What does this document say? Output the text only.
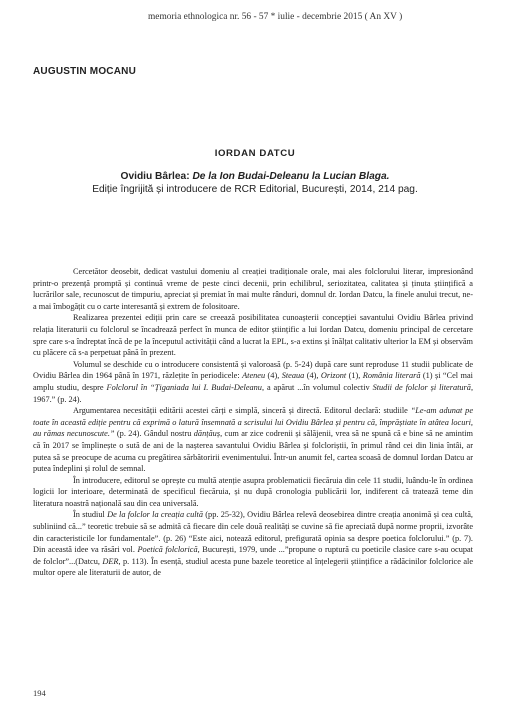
memoria ethnologica nr. 56 - 57 * iulie - decembrie 2015 ( An XV )
AUGUSTIN MOCANU
IORDAN DATCU
Ovidiu Bârlea: De la Ion Budai-Deleanu la Lucian Blaga.
Ediție îngrijită și introducere de RCR Editorial, București, 2014, 214 pag.

Cercetător deosebit, dedicat vastului domeniu al creației tradiționale orale, mai ales folclorului literar, impresionând printr-o prezență promptă și continuă vreme de peste cinci decenii, prin echilibrul, seriozitatea, calitatea și ținuta științifică a lucrărilor sale, recunoscut de timpuriu, apreciat și premiat în mai multe rânduri, domnul dr. Iordan Datcu, la finele anului trecut, ne-a mai îmbogățit cu o carte interesantă și extrem de folositoare.

Realizarea prezentei ediții prin care se creează posibilitatea cunoașterii concepției savantului Ovidiu Bârlea privind relația literaturii cu folclorul se încadrează perfect în munca de editor științific a lui Iordan Datcu, domeniu principal de cercetare spre care s-a îndreptat încă de pe la începutul activității când a lucrat la EPL, s-a extins și înălțat calitativ ulterior la EM și observăm cu plăcere că s-a perpetuat până în prezent.

Volumul se deschide cu o introducere consistentă și valoroasă (p. 5-24) după care sunt reproduse 11 studii publicate de Ovidiu Bârlea din 1964 până în 1971, răzlețite în periodicele: Ateneu (4), Steaua (4), Orizont (1), România literară (1) și “Cel mai amplu studiu, despre Folclorul în “Țiganiada lui I. Budai-Deleanu, a apărut ...în volumul colectiv Studii de folclor și literatură, 1967.” (p. 24).

Argumentarea necesității editării acestei cărți e simplă, sinceră și directă. Editorul declară: studiile “Le-am adunat pe toate în această ediție pentru că exprimă o latură însemnată a scrisului lui Ovidiu Bârlea și pentru că, împrăștiate în atâtea locuri, au rămas necunoscute.” (p. 24). Gândul nostru dănțăuș, cum ar zice codrenii și sălăjenii, vrea să ne spună că e bine să ne amintim că în 2017 se împlinește o sută de ani de la nașterea savantului Ovidiu Bârlea și folcloriștii, în primul rând cei din linia întâi, ar putea să se preocupe de acuma cu pregătirea sărbătoririi evenimentului. Într-un anumit fel, cartea scoasă de domnul Iordan Datcu ar putea îndeplini și rolul de semnal.

În introducere, editorul se oprește cu multă atenție asupra problematicii fiecăruia din cele 11 studii, luându-le în ordinea logicii lor interioare, determinată de specificul fiecăruia, și nu după cronologia publicării lor, indiferent că tratează teme din literatura noastră națională sau din cea universală.

În studiul De la folclor la creația cultă (pp. 25-32), Ovidiu Bârlea relevă deosebirea dintre creația anonimă și cea cultă, subliniind că...” teoretic trebuie să se admită că fiecare din cele două realități se cuvine să fie apreciată după norme proprii, izvorâte din caracteristicile lor fundamentale”. (p. 26) “Este aici, notează editorul, prefigurată opinia sa despre poetica folclorului.” (p. 7). Din această idee va răsări vol. Poetică folclorică, București, 1979, unde ...”propune o ruptură cu poeticile clasice care s-au ocupat de folclor”...(Datcu, DER, p. 113). În esență, studiul acesta pune bazele teoretice al înțelegerii științifice a rădăcinilor folclorice ale multor opere ale literaturii de autor, de

194
